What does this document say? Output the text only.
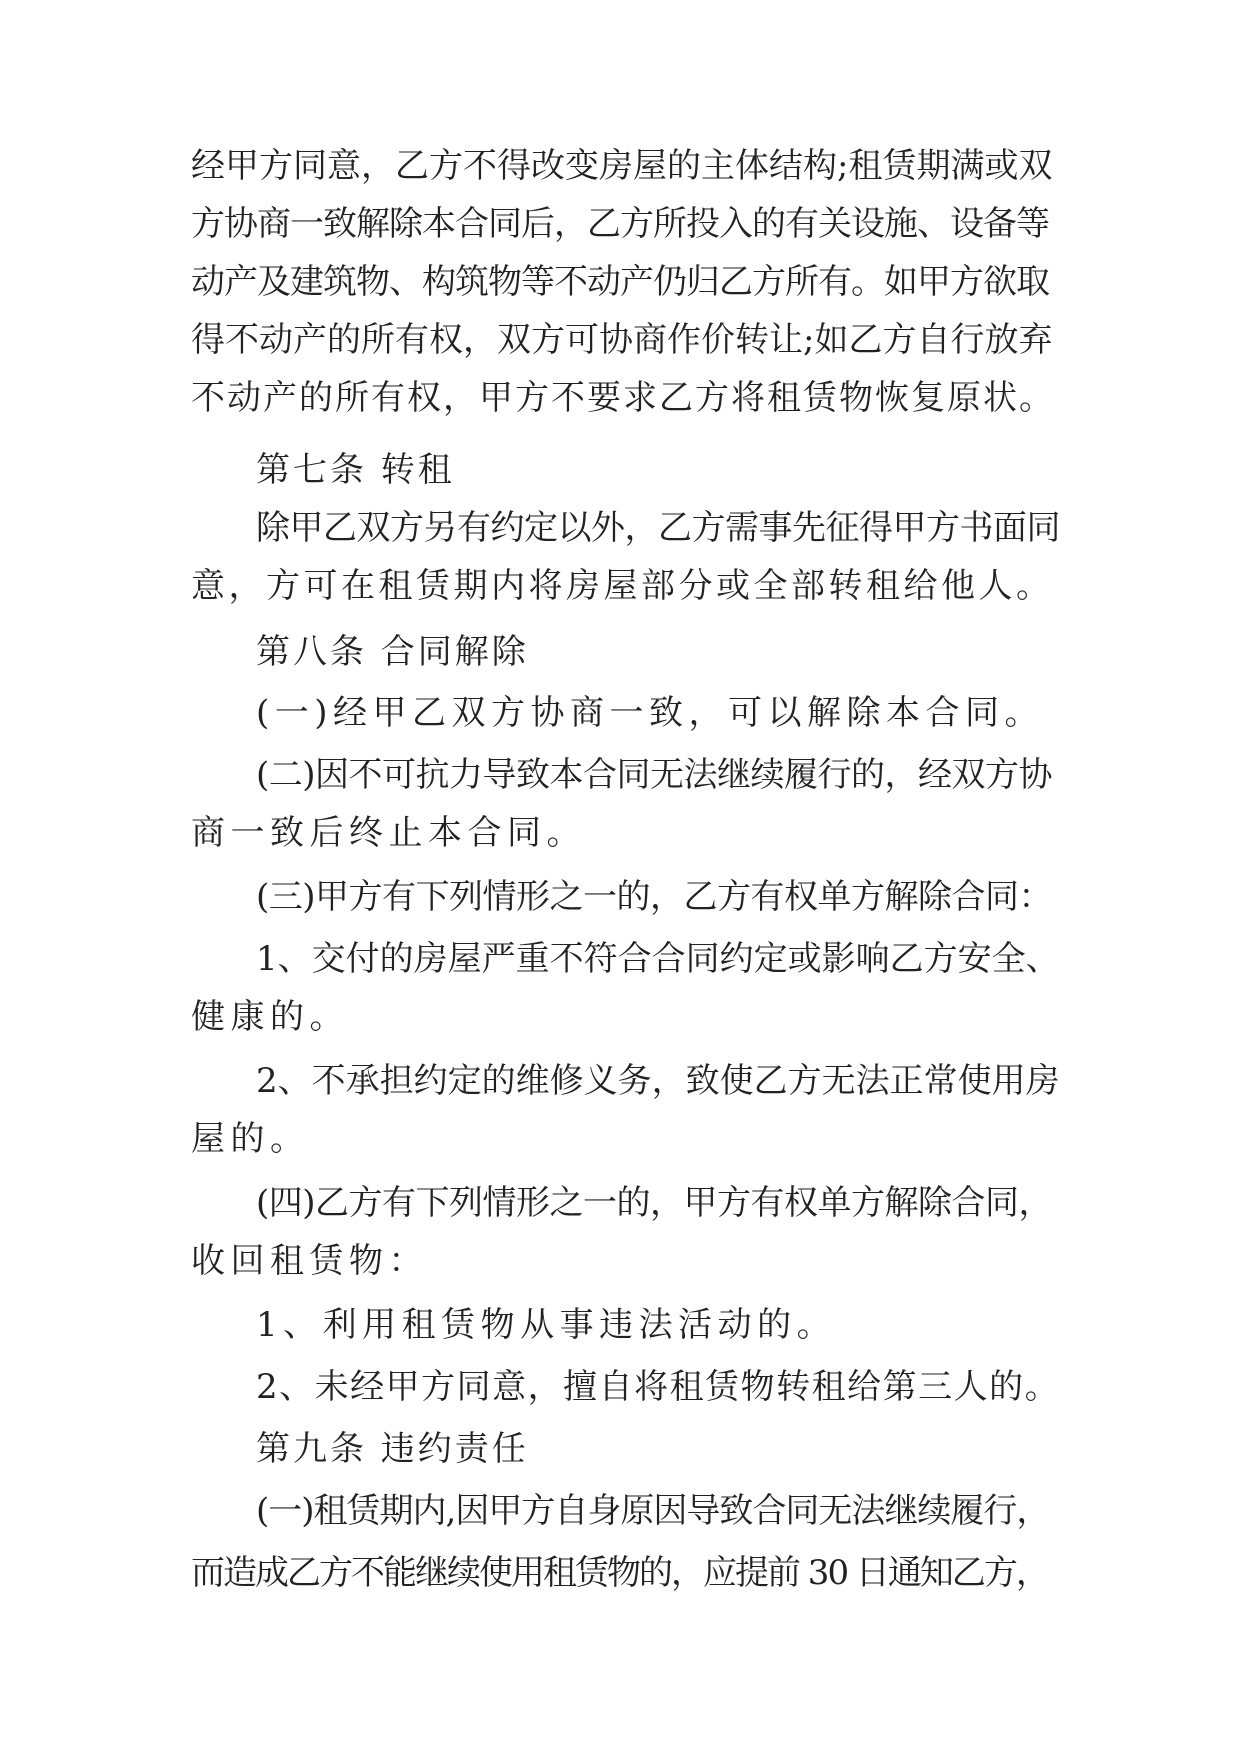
经甲方同意，乙方不得改变房屋的主体结构;租赁期满或双
方协商一致解除本合同后，乙方所投入的有关设施、设备等
动产及建筑物、构筑物等不动产仍归乙方所有。如甲方欲取
得不动产的所有权，双方可协商作价转让;如乙方自行放弃
不动产的所有权，甲方不要求乙方将租赁物恢复原状。
第七条 转租
除甲乙双方另有约定以外，乙方需事先征得甲方书面同
意，方可在租赁期内将房屋部分或全部转租给他人。
第八条 合同解除
(一)经甲乙双方协商一致，可以解除本合同。
(二)因不可抗力导致本合同无法继续履行的，经双方协
商一致后终止本合同。
(三)甲方有下列情形之一的，乙方有权单方解除合同：
1、交付的房屋严重不符合合同约定或影响乙方安全、
健康的。
2、不承担约定的维修义务，致使乙方无法正常使用房
屋的。
(四)乙方有下列情形之一的，甲方有权单方解除合同，
收回租赁物：
1、利用租赁物从事违法活动的。
2、未经甲方同意，擅自将租赁物转租给第三人的。
第九条 违约责任
(一)租赁期内,因甲方自身原因导致合同无法继续履行，
而造成乙方不能继续使用租赁物的，应提前 30 日通知乙方，
